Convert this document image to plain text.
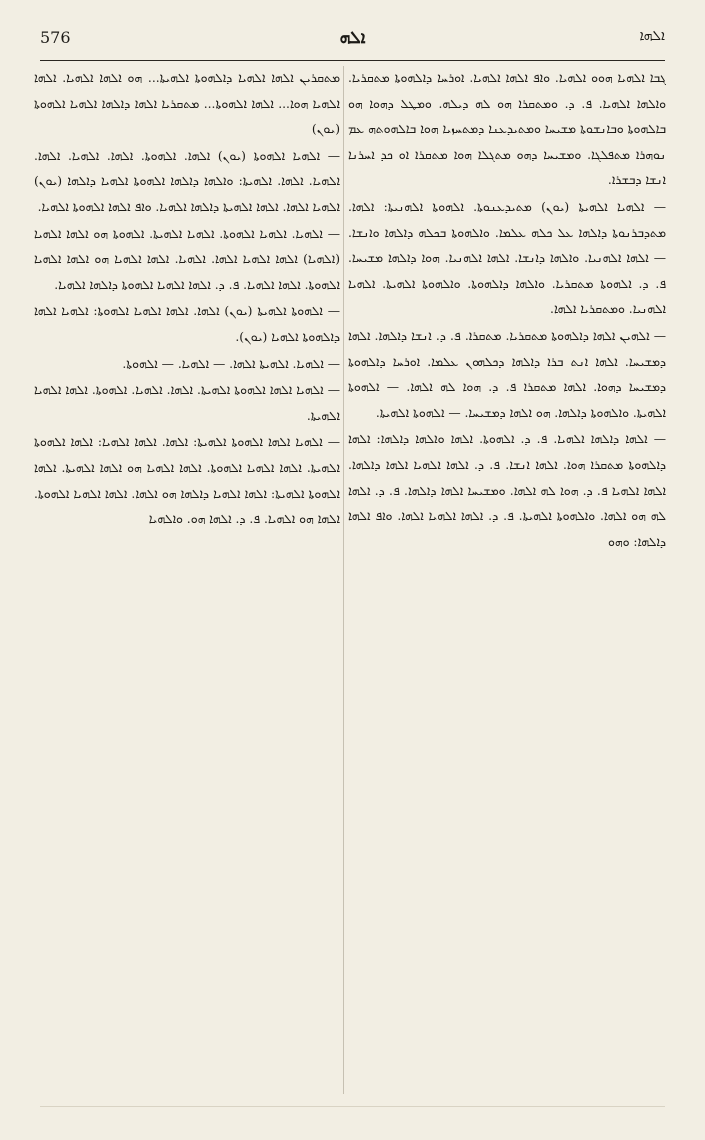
576	ܐܠܗ	ܐܠܗܐ

ܓܒܐ ܐܠܗܝܐ ܗܘܘ ܐܠܗܝܐ. ܘܐܦ ܐܠܗܐ ܐܠܗܝܐ. ܐܘܪܚܐ ܕܐܠܗܘܬܐ ܡܬܩܪܝܐ. ܘܐܠܗܐ ܐܠܗܝܐ. ܦ. ܕ. ܘܡܬܩܪܐ ܗܘ ܠܗ ܕܝܠܗ. ܘܡܛܠ ܕܗܘܐ ܗܘ ܒܐܠܗܘܬܐ ܘܒܐܢܫܘܬܐ ܡܫܝܚܐ ܘܡܬܝܕܥܢܐ ܕܡܬܚܙܝܐ ܗܘܐ ܒܐܠܗܘܬܗ ܥܡ ܢܘܗܪܐ ܡܬܦܠܓܐ. ܘܡܫܝܚܐ ܕܗܘ ܡܬܓܠܐ ܗܘܐ ܡܬܩܪܐ ܐܘ ܟܕ ܐܚܪܢܐ ܐܢܫܐ ܕܒܫܪܐ.

— ܐܠܗܝܐ ܐܠܗܝܬܐ (ܝܘܢ) ܡܬܝܕܥܢܘܬܐ. ܐܠܗܘܬܐ ܐܠܗܢܝܬܐ: ܐܠܗܐ. ܡܬܕܒܪܢܘܬܐ ܕܐܠܗܐ ܥܠ ܟܠܗ ܥܠܡܐ. ܘܐܠܗܘܬܐ ܒܟܠܗ ܕܐܠܗܐ ܘܐܢܫܐ. — ܐܠܗܐ ܐܠܗܢܝܐ. ܘܐܠܗܐ ܕܐܢܫܐ. ܐܠܗܐ ܐܠܗܢܝܐ. ܗܘܐ ܕܐܠܗܐ ܡܫܝܚܐ. ܦ. ܕ. ܐܠܗܘܬܐ ܡܬܩܪܝܐ. ܘܐܠܗܐ ܕܐܠܗܘܬܐ. ܘܐܠܗܘܬܐ ܐܠܗܝܬܐ. ܐܠܗܝܐ ܐܠܗܢܝܐ. ܘܡܬܩܪܝܐ ܐܠܗܐ.

— ܐܠܗܝܢ ܐܠܗܐ ܕܐܠܗܘܬܐ ܡܬܩܪܝܐ. ܡܬܩܪܐ. ܦ. ܕ. ܐܢܫܐ ܕܐܠܗܐ. ܐܠܗܐ ܕܡܫܝܚܐ. ܐܠܗܐ ܐܢܬ ܒܪܐ ܕܐܠܗܐ ܕܟܠܗܘܢ ܥܠܡܐ. ܐܘܪܚܐ ܕܐܠܗܘܬܐ ܕܡܫܝܚܐ ܕܗܘܐ. ܐܠܗܐ ܡܬܩܪܐ ܦ. ܕ. ܗܘܐ ܠܗ ܐܠܗܐ. — ܐܠܗܘܬܐ ܐܠܗܝܬܐ. ܘܐܠܗܘܬܐ ܕܐܠܗܐ. ܗܘ ܐܠܗܐ ܕܡܫܝܚܐ. — ܐܠܗܘܬܐ ܐܠܗܝܬܐ.

— ܐܠܗܐ ܕܐܠܗܐ ܐܠܗܝܐ. ܦ. ܕ. ܐܠܗܘܬܐ. ܐܠܗܐ ܘܐܠܗܐ ܕܐܠܗܐ: ܐܠܗܐ ܕܐܠܗܘܬܐ ܡܬܩܪܐ ܗܘܐ. ܐܠܗܐ ܐܢܫܐ. ܦ. ܕ. ܐܠܗܐ ܐܠܗܝܐ ܐܠܗܐ ܕܐܠܗܐ. ܐܠܗܐ ܐܠܗܝܐ ܦ. ܕ. ܗܘܐ ܠܗ ܐܠܗܐ. ܘܡܫܝܚܐ ܐܠܗܐ ܕܐܠܗܐ. ܦ. ܕ. ܐܠܗܐ ܠܗ ܗܘ ܐܠܗܐ. ܘܐܠܗܘܬܐ ܐܠܗܝܬܐ. ܦ. ܕ. ܐܠܗܐ ܐܠܗܝܐ ܐܠܗܐ. ܘܐܦ ܐܠܗܐ ܕܐܠܗܐ: ܘܗܘ

ܡܬܩܪܝܢ ܐܠܗܐ ܐܠܗܝܐ ܕܐܠܗܘܬܐ ܐܠܗܝܬܐ... ܗܘ ܐܠܗܐ ܐܠܗܝܐ. ܐܠܗܐ ܐܠܗܝܐ ܗܘܐ... ܐܠܗܐ ܐܠܗܘܬܐ... ܡܬܩܪܝܐ ܐܠܗܐ ܕܐܠܗܐ ܐܠܗܝܐ ܐܠܗܘܬܐ (ܝܘܢ)

— ܐܠܗܝܐ ܐܠܗܘܬܐ (ܝܘܢ) ܐܠܗܐ. ܐܠܗܘܬܐ. ܐܠܗܐ. ܐܠܗܝܐ. ܐܠܗܐ. ܐܠܗܝܐ. ܐܠܗܐ. ܐܠܗܝܬܐ: ܘܐܠܗܐ ܕܐܠܗܐ ܐܠܗܘܬܐ ܐܠܗܝܐ ܕܐܠܗܐ (ܝܘܢ) ܐܠܗܝܐ ܐܠܗܐ. ܐܠܗܐ ܐܠܗܝܬܐ ܕܐܠܗܐ ܐܠܗܝܐ. ܘܐܦ ܐܠܗܐ ܐܠܗܘܬܐ ܐܠܗܝܐ.

— ܐܠܗܝܐ. ܐܠܗܝܐ ܐܠܗܘܬܐ. ܐܠܗܝܐ ܐܠܗܝܬܐ. ܐܠܗܘܬܐ ܗܘ ܐܠܗܐ ܐܠܗܝܐ (ܐܠܗܝܐ) ܐܠܗܐ ܐܠܗܝܐ ܐܠܗܐ. ܐܠܗܝܐ. ܐܠܗܐ ܐܠܗܝܐ ܗܘ ܐܠܗܐ ܐܠܗܝܐ ܐܠܗܘܬܐ. ܐܠܗܐ ܐܠܗܝܐ. ܦ. ܕ. ܐܠܗܐ ܐܠܗܝܐ ܐܠܗܘܬܐ ܕܐܠܗܐ ܐܠܗܝܐ.

— ܐܠܗܘܬܐ ܐܠܗܝܬܐ (ܝܘܢ) ܐܠܗܐ. ܐܠܗܐ ܐܠܗܝܐ ܐܠܗܘܬܐ: ܐܠܗܝܐ ܐܠܗܐ ܕܐܠܗܘܬܐ ܐܠܗܝܐ (ܝܘܢ).

— ܐܠܗܝܐ. ܐܠܗܝܬܐ ܐܠܗܐ. — ܐܠܗܝܐ. — ܐܠܗܘܬܐ.

— ܐܠܗܝܐ ܐܠܗܐ ܐܠܗܘܬܐ ܐܠܗܝܬܐ. ܐܠܗܐ. ܐܠܗܝܐ. ܐܠܗܘܬܐ. ܐܠܗܐ ܐܠܗܝܐ ܐܠܗܝܬܐ.

— ܐܠܗܝܐ ܐܠܗܐ ܐܠܗܘܬܐ ܐܠܗܝܬܐ: ܐܠܗܐ. ܐܠܗܐ ܐܠܗܝܐ: ܐܠܗܐ ܐܠܗܘܬܐ ܐܠܗܝܬܐ. ܐܠܗܐ ܐܠܗܝܐ ܐܠܗܘܬܐ. ܐܠܗܐ ܐܠܗܝܐ ܗܘ ܐܠܗܐ ܐܠܗܝܬܐ. ܐܠܗܐ ܐܠܗܘܬܐ ܐܠܗܝܬܐ: ܐܠܗܐ ܐܠܗܝܐ ܕܐܠܗܐ ܗܘ ܐܠܗܐ. ܐܠܗܐ ܐܠܗܝܐ ܐܠܗܘܬܐ. ܐܠܗܐ ܗܘ ܐܠܗܝܐ. ܦ. ܕ. ܐܠܗܐ ܗܘ. ܘܐܠܗܝܐ
